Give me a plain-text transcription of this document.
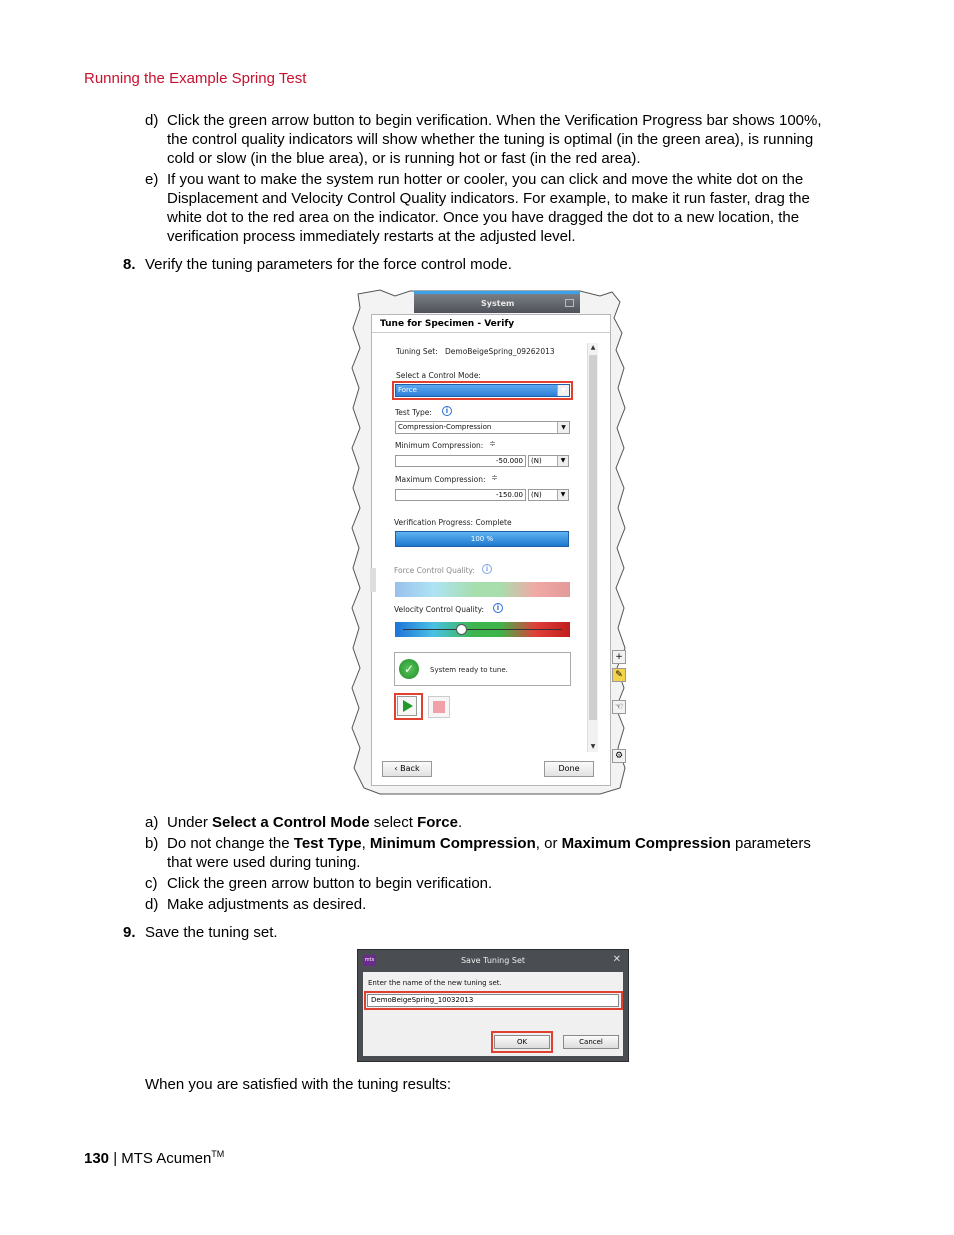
Running the Example Spring Test
d) Click the green arrow button to begin verification. When the Verification Progress bar shows 100%,
the control quality indicators will show whether the tuning is optimal (in the green area), is running
cold or slow (in the blue area), or is running hot or fast (in the red area).
e) If you want to make the system run hotter or cooler, you can click and move the white dot on the
Displacement and Velocity Control Quality indicators. For example, to make it run faster, drag the
white dot to the red area on the indicator. Once you have dragged the dot to a new location, the
verification process immediately restarts at the adjusted level.
8. Verify the tuning parameters for the force control mode.
System
Tune for Specimen - Verify
Tuning Set: DemoBeigeSpring_09262013
Select a Control Mode:
Force	▼
Test Type:	i
Compression-Compression	▼
Minimum Compression: ≑
-50.000	(N)	▼
Maximum Compression: ≑
-150.00	(N)	▼
Verification Progress: Complete
100 %
Force Control Quality:	i
Velocity Control Quality:	i
✓	System ready to tune.
▲
▼
‹ Back	Done
+
✎
☜
⚙
a) Under Select a Control Mode select Force.
b) Do not change the Test Type, Minimum Compression, or Maximum Compression parameters
that were used during tuning.
c) Click the green arrow button to begin verification.
d) Make adjustments as desired.
9. Save the tuning set.
mts	Save Tuning Set	✕
Enter the name of the new tuning set.
DemoBeigeSpring_10032013
OK	Cancel
When you are satisfied with the tuning results:
130 | MTS Acumen™
